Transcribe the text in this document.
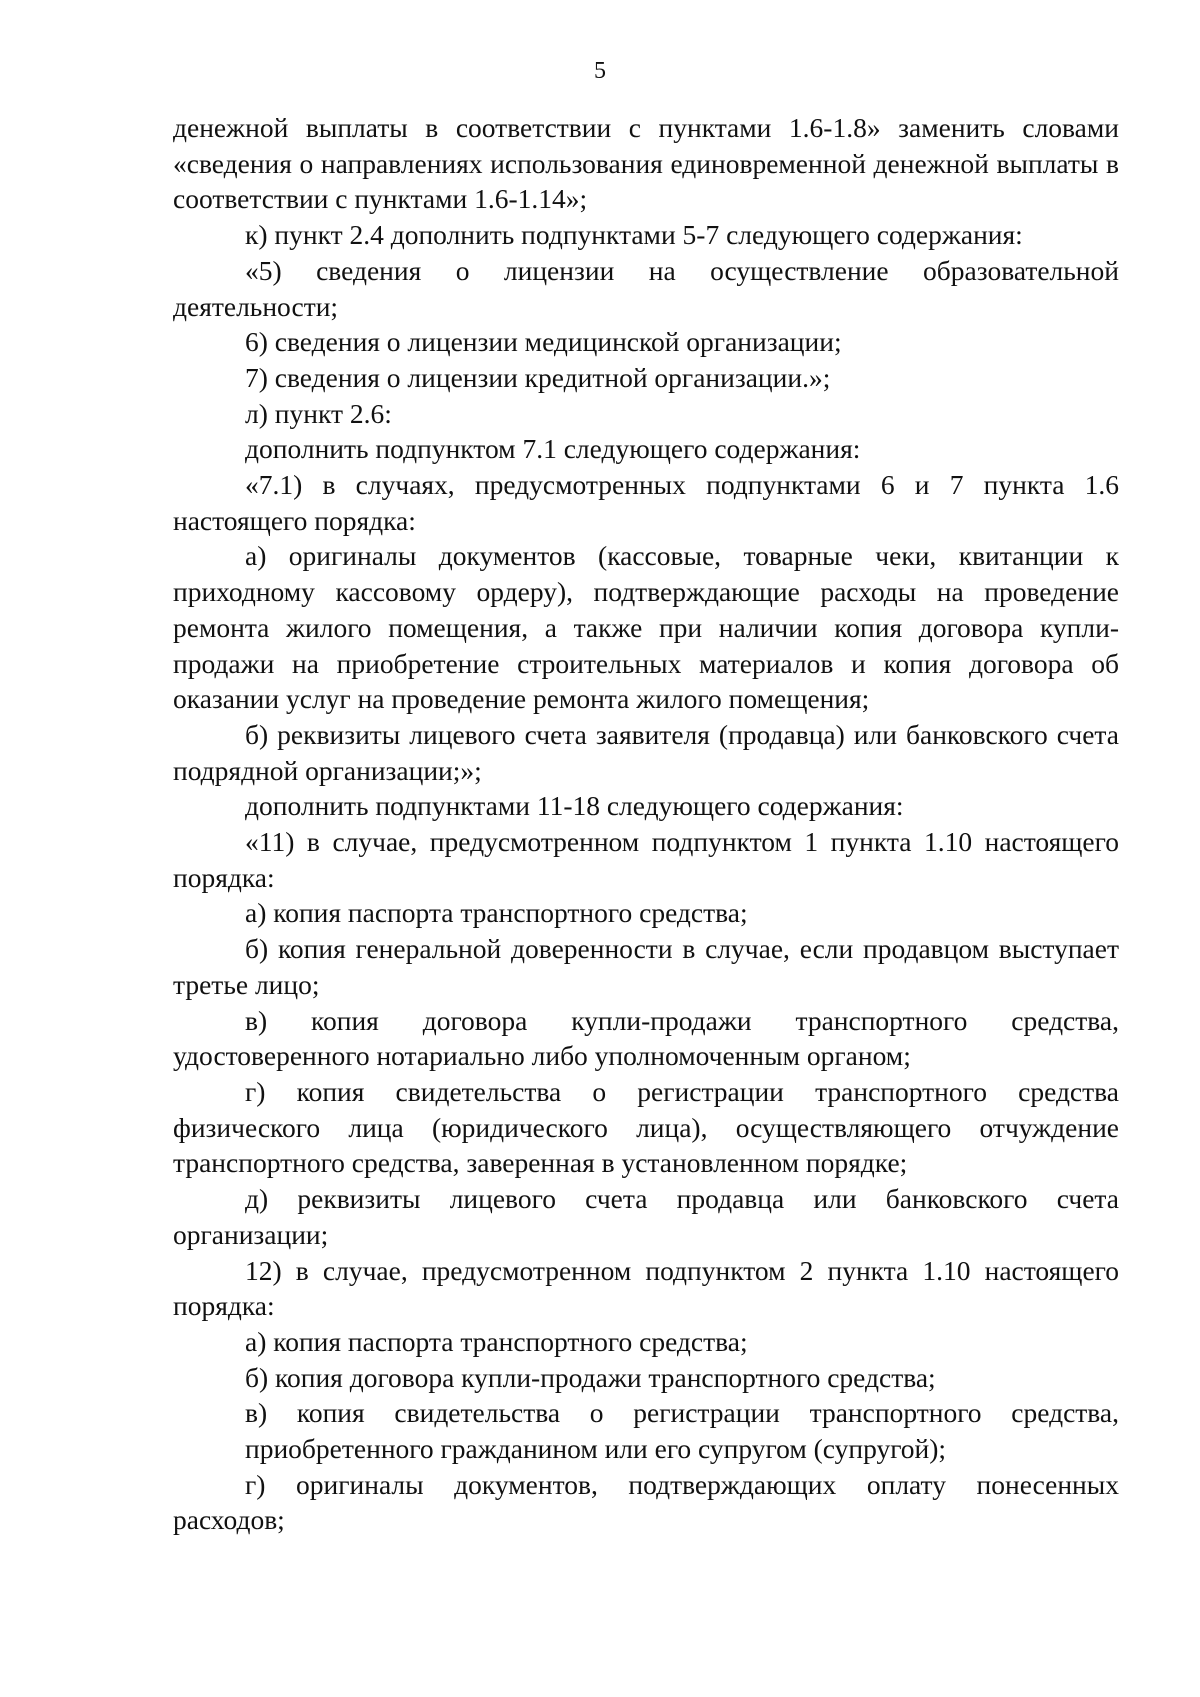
5

денежной выплаты в соответствии с пунктами 1.6-1.8» заменить словами «сведения о направлениях использования единовременной денежной выплаты в соответствии с пунктами 1.6-1.14»;

к) пункт 2.4 дополнить подпунктами 5-7 следующего содержания:

«5) сведения о лицензии на осуществление образовательной деятельности;

6) сведения о лицензии медицинской организации;

7) сведения о лицензии кредитной организации.»;

л) пункт 2.6:

дополнить подпунктом 7.1 следующего содержания:

«7.1) в случаях, предусмотренных подпунктами 6 и 7 пункта 1.6 настоящего порядка:

а) оригиналы документов (кассовые, товарные чеки, квитанции к приходному кассовому ордеру), подтверждающие расходы на проведение ремонта жилого помещения, а также при наличии копия договора купли-продажи на приобретение строительных материалов и копия договора об оказании услуг на проведение ремонта жилого помещения;

б) реквизиты лицевого счета заявителя (продавца) или банковского счета подрядной организации;»;

дополнить подпунктами 11-18 следующего содержания:

«11) в случае, предусмотренном подпунктом 1 пункта 1.10 настоящего порядка:

а) копия паспорта транспортного средства;

б) копия генеральной доверенности в случае, если продавцом выступает третье лицо;

в) копия договора купли-продажи транспортного средства, удостоверенного нотариально либо уполномоченным органом;

г) копия свидетельства о регистрации транспортного средства физического лица (юридического лица), осуществляющего отчуждение транспортного средства, заверенная в установленном порядке;

д) реквизиты лицевого счета продавца или банковского счета организации;

12) в случае, предусмотренном подпунктом 2 пункта 1.10 настоящего порядка:

а) копия паспорта транспортного средства;

б) копия договора купли-продажи транспортного средства;

в) копия свидетельства о регистрации транспортного средства, приобретенного гражданином или его супругом (супругой);

г) оригиналы документов, подтверждающих оплату понесенных расходов;
